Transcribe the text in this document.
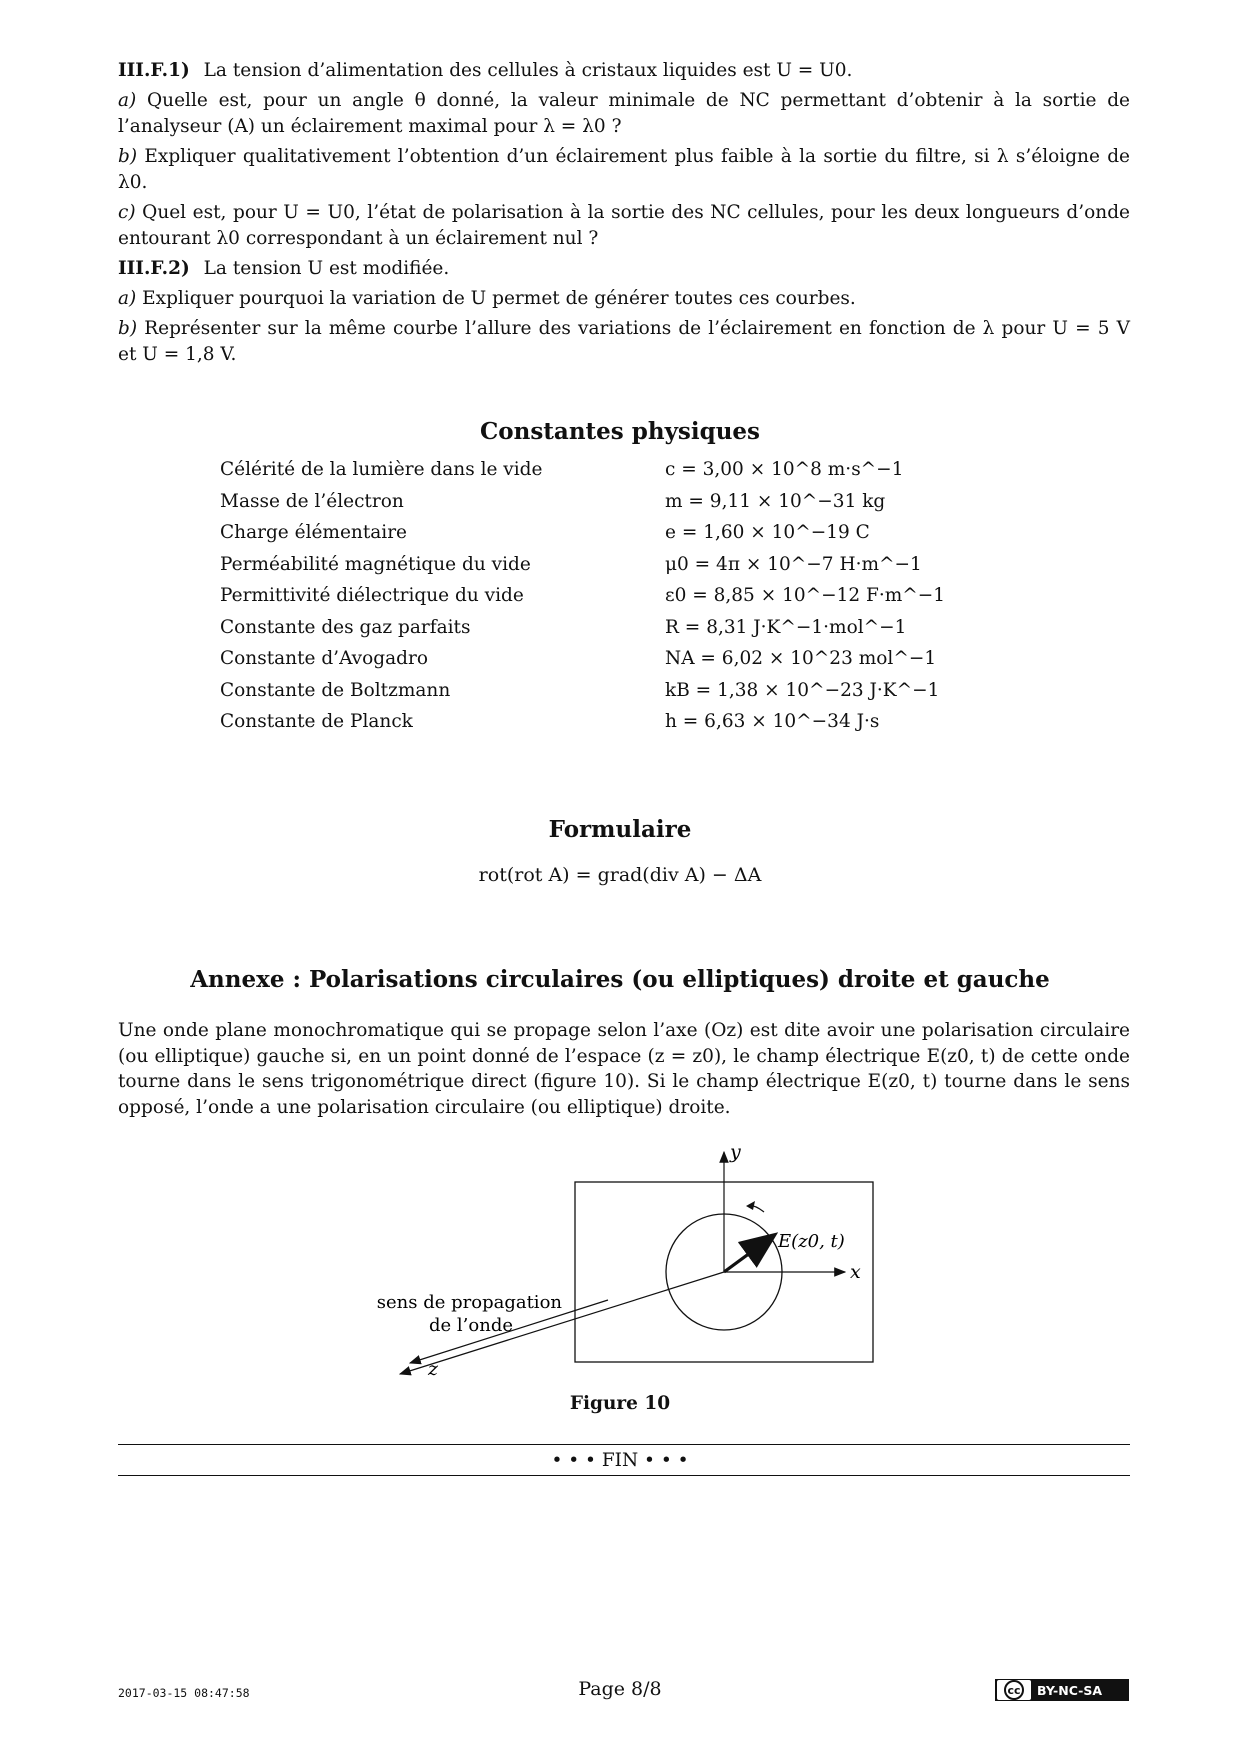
III.F.1) La tension d’alimentation des cellules à cristaux liquides est U = U0.

a) Quelle est, pour un angle θ donné, la valeur minimale de NC permettant d’obtenir à la sortie de l’analyseur (A) un éclairement maximal pour λ = λ0 ?

b) Expliquer qualitativement l’obtention d’un éclairement plus faible à la sortie du filtre, si λ s’éloigne de λ0.

c) Quel est, pour U = U0, l’état de polarisation à la sortie des NC cellules, pour les deux longueurs d’onde entourant λ0 correspondant à un éclairement nul ?

III.F.2) La tension U est modifiée.

a) Expliquer pourquoi la variation de U permet de générer toutes ces courbes.

b) Représenter sur la même courbe l’allure des variations de l’éclairement en fonction de λ pour U = 5 V et U = 1,8 V.

Constantes physiques
Célérité de la lumière dans le vide	c = 3,00 × 10^8 m·s^−1
Masse de l’électron	m = 9,11 × 10^−31 kg
Charge élémentaire	e = 1,60 × 10^−19 C
Perméabilité magnétique du vide	μ0 = 4π × 10^−7 H·m^−1
Permittivité diélectrique du vide	ε0 = 8,85 × 10^−12 F·m^−1
Constante des gaz parfaits	R = 8,31 J·K^−1·mol^−1
Constante d’Avogadro	NA = 6,02 × 10^23 mol^−1
Constante de Boltzmann	kB = 1,38 × 10^−23 J·K^−1
Constante de Planck	h = 6,63 × 10^−34 J·s
Formulaire
rot(rot A) = grad(div A) − ΔA
Annexe : Polarisations circulaires (ou elliptiques) droite et gauche
Une onde plane monochromatique qui se propage selon l’axe (Oz) est dite avoir une polarisation circulaire (ou elliptique) gauche si, en un point donné de l’espace (z = z0), le champ électrique E(z0, t) de cette onde tourne dans le sens trigonométrique direct (figure 10). Si le champ électrique E(z0, t) tourne dans le sens opposé, l’onde a une polarisation circulaire (ou elliptique) droite.
y
x
z
E(z0, t)
sens de propagation
de l’onde
Figure 10
• • • FIN • • •
2017-03-15 08:47:58	Page 8/8	cc	BY-NC-SA
